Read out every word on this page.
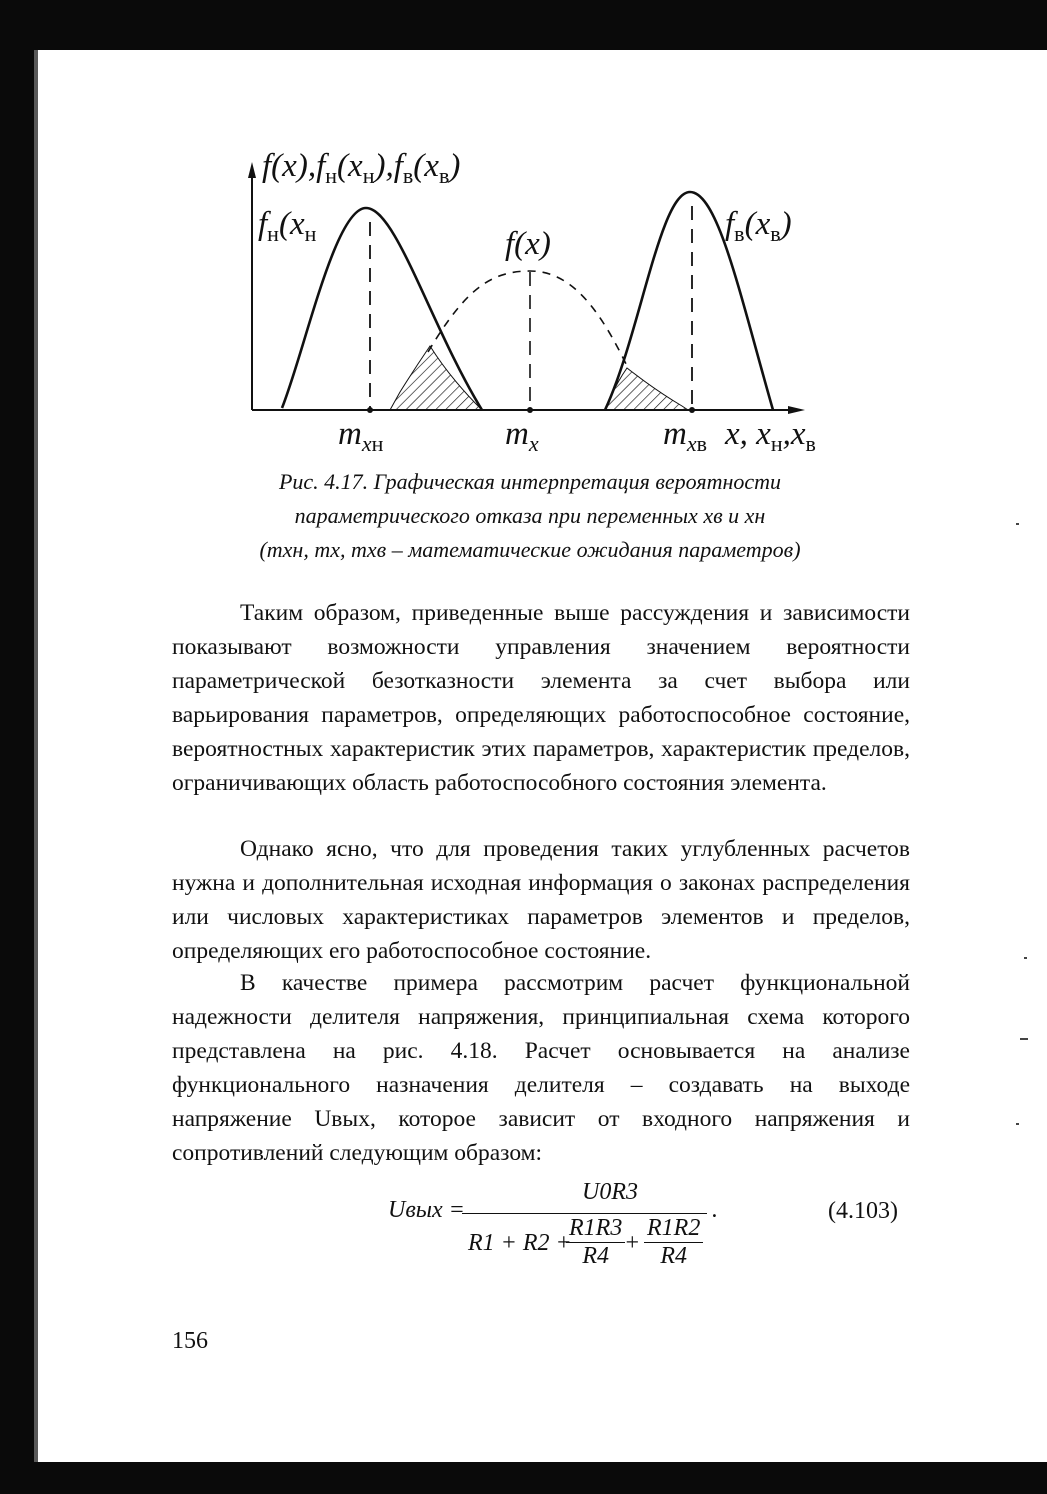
$f(x),f_н(x_н),f_в(x_в)$
$f_н(x_н$	f(x)
$f_в(x_в)$
$m_{xн}$	$m_x$	$m_{xв}$ x, $x_н,x_в$
Рис. 4.17. Графическая интерпретация вероятности
параметрического отказа при переменных xв и xн
(mxн, mx, mxв – математические ожидания параметров)

Таким образом, приведенные выше рассуждения и зависимости показывают возможности управления значением вероятности параметрической безотказности элемента за счет выбора или варьирования параметров, определяющих работоспособное состояние, вероятностных характеристик этих параметров, характеристик пределов, ограничивающих область работоспособного состояния элемента.

Однако ясно, что для проведения таких углубленных расчетов нужна и дополнительная исходная информация о законах распределения или числовых характеристиках параметров элементов и пределов, определяющих его работоспособное состояние.

В качестве примера рассмотрим расчет функциональной надежности делителя напряжения, принципиальная схема которого представлена на рис. 4.18. Расчет основывается на анализе функционального назначения делителя – создавать на выходе напряжение Uвых, которое зависит от входного напряжения и сопротивлений следующим образом:

Uвых =
U0R3
R1 + R2 +
$\frac{R1R3}{R4}$
+ $\frac{R1R2}{R4}$
.	(4.103)
156
